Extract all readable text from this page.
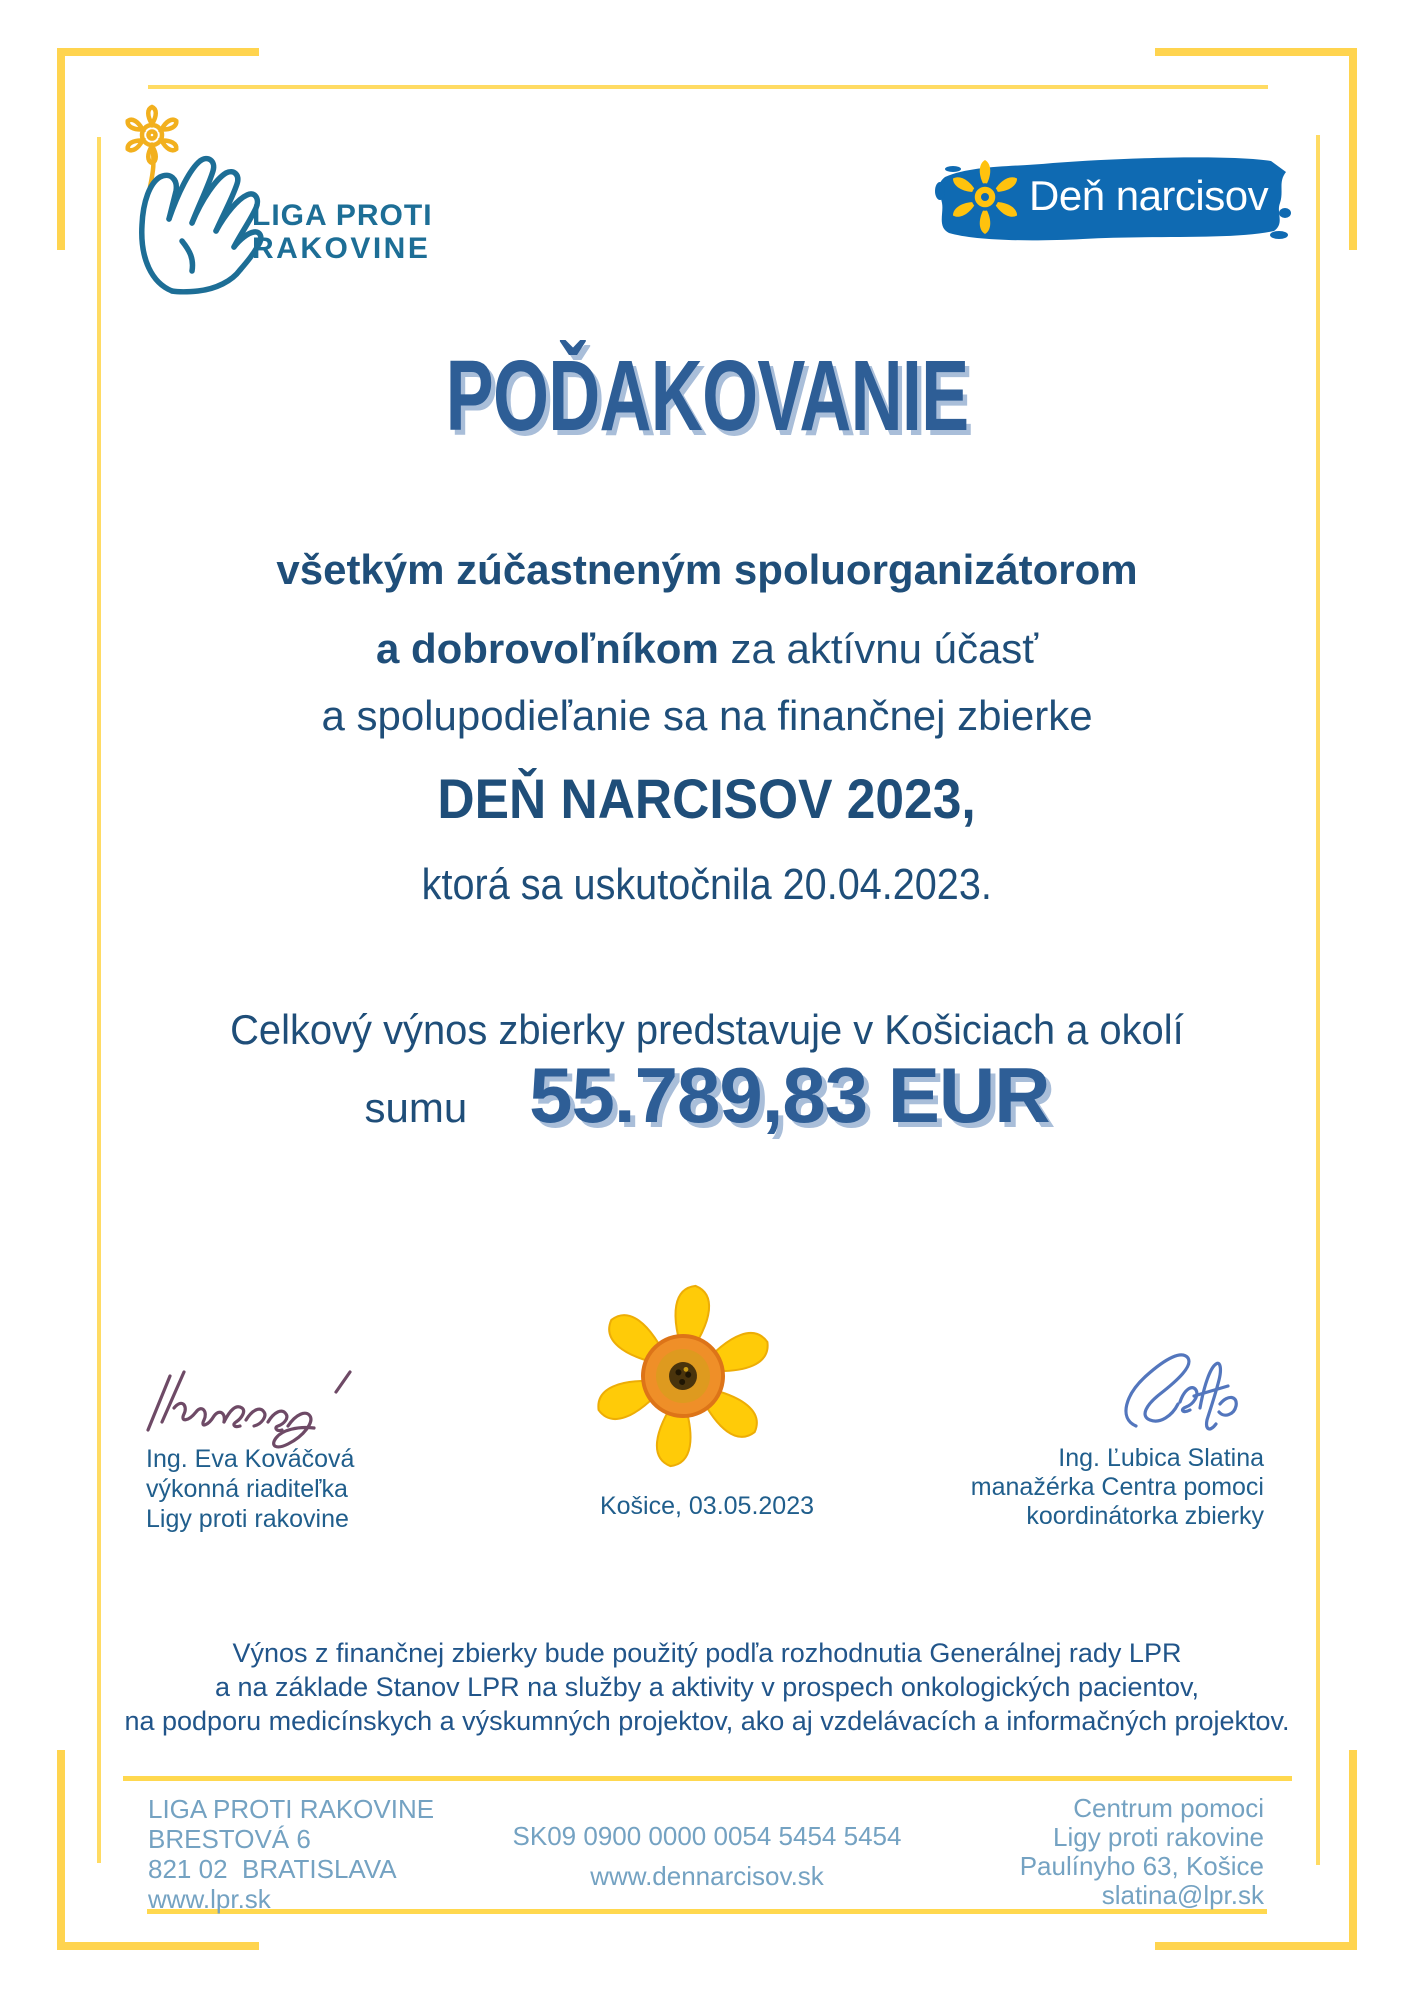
LIGA PROTI
RAKOVINE
Deň narcisov
POĎAKOVANIE
všetkým zúčastneným spoluorganizátorom
a dobrovoľníkom za aktívnu účasť
a spolupodieľanie sa na finančnej zbierke
DEŇ NARCISOV 2023,
ktorá sa uskutočnila 20.04.2023.
Celkový výnos zbierky predstavuje v Košiciach a okolí
sumu 55.789,83 EUR
Ing. Eva Kováčová
výkonná riaditeľka
Ligy proti rakovine	Košice, 03.05.2023
Ing. Ľubica Slatina
manažérka Centra pomoci
koordinátorka zbierky
Výnos z finančnej zbierky bude použitý podľa rozhodnutia Generálnej rady LPR
a na základe Stanov LPR na služby a aktivity v prospech onkologických pacientov,
na podporu medicínskych a výskumných projektov, ako aj vzdelávacích a informačných projektov.
LIGA PROTI RAKOVINE
BRESTOVÁ 6
821 02  BRATISLAVA
www.lpr.sk
SK09 0900 0000 0054 5454 5454
www.dennarcisov.sk
Centrum pomoci
Ligy proti rakovine
Paulínyho 63, Košice
slatina@lpr.sk
